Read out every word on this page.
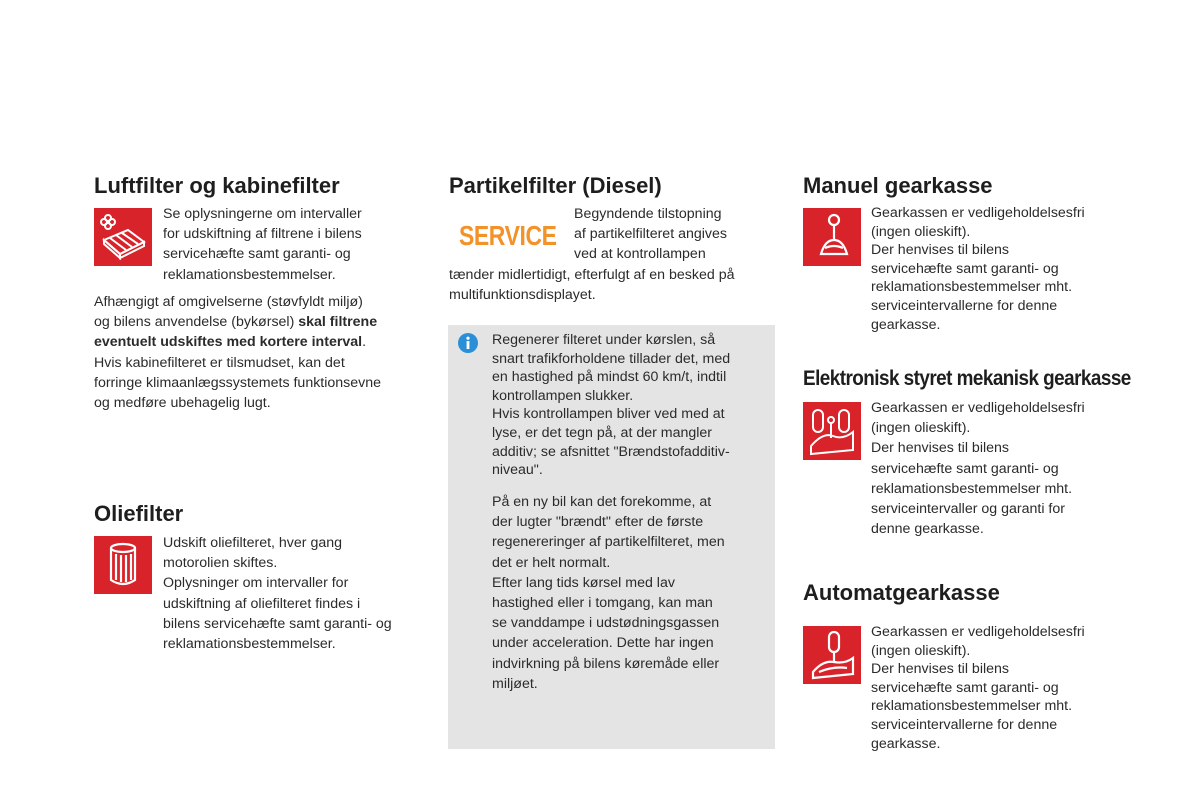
Luftfilter og kabinefilter

Se oplysningerne om intervaller

for udskiftning af filtrene i bilens

servicehæfte samt garanti- og

reklamationsbestemmelser.

Afhængigt af omgivelserne (støvfyldt miljø)

og bilens anvendelse (bykørsel) skal filtrene

eventuelt udskiftes med kortere interval.

Hvis kabinefilteret er tilsmudset, kan det

forringe klimaanlægssystemets funktionsevne

og medføre ubehagelig lugt.

Oliefilter

Udskift oliefilteret, hver gang

motorolien skiftes.

Oplysninger om intervaller for

udskiftning af oliefilteret findes i

bilens servicehæfte samt garanti- og

reklamationsbestemmelser.

Partikelfilter (Diesel)
SERVICE

Begyndende tilstopning

af partikelfilteret angives

ved at kontrollampen

tænder midlertidigt, efterfulgt af en besked på

multifunktionsdisplayet.

Regenerer filteret under kørslen, så

snart trafikforholdene tillader det, med

en hastighed på mindst 60 km/t, indtil

kontrollampen slukker.

Hvis kontrollampen bliver ved med at

lyse, er det tegn på, at der mangler

additiv; se afsnittet "Brændstofadditiv-

niveau".

På en ny bil kan det forekomme, at

der lugter "brændt" efter de første

regenereringer af partikelfilteret, men

det er helt normalt.

Efter lang tids kørsel med lav

hastighed eller i tomgang, kan man

se vanddampe i udstødningsgassen

under acceleration. Dette har ingen

indvirkning på bilens køremåde eller

miljøet.

Manuel gearkasse

Gearkassen er vedligeholdelsesfri

(ingen olieskift).

Der henvises til bilens

servicehæfte samt garanti- og

reklamationsbestemmelser mht.

serviceintervallerne for denne

gearkasse.

Elektronisk styret mekanisk gearkasse

Gearkassen er vedligeholdelsesfri

(ingen olieskift).

Der henvises til bilens

servicehæfte samt garanti- og

reklamationsbestemmelser mht.

serviceintervaller og garanti for

denne gearkasse.

Automatgearkasse

Gearkassen er vedligeholdelsesfri

(ingen olieskift).

Der henvises til bilens

servicehæfte samt garanti- og

reklamationsbestemmelser mht.

serviceintervallerne for denne

gearkasse.
